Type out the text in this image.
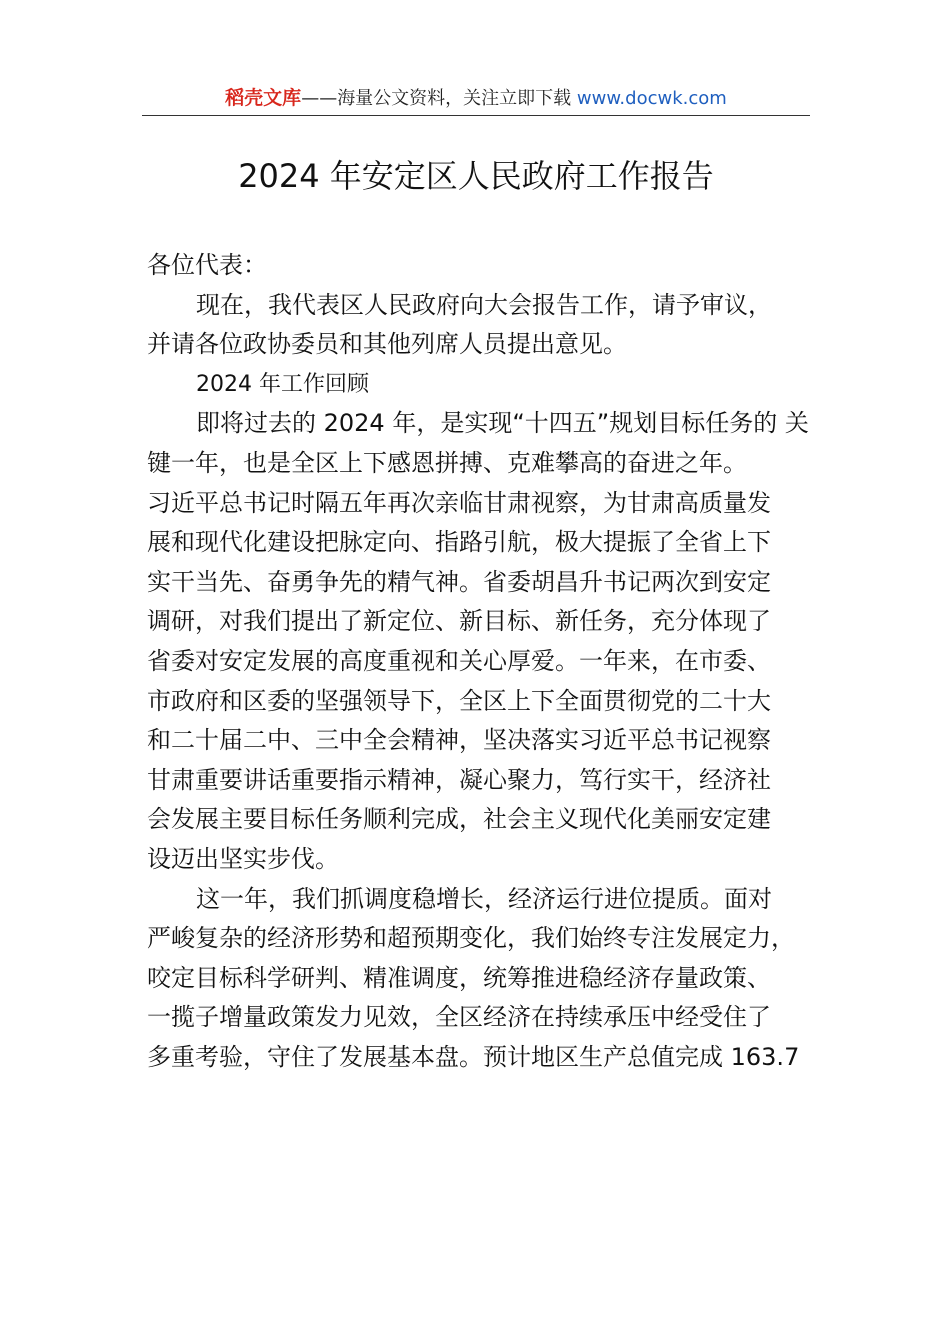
稻壳文库——海量公文资料，关注立即下载 www.docwk.com
2024 年安定区人民政府工作报告
各位代表：
现在，我代表区人民政府向大会报告工作，请予审议，
并请各位政协委员和其他列席人员提出意见。
2024 年工作回顾
即将过去的 2024 年，是实现“十四五”规划目标任务的 关
键一年，也是全区上下感恩拼搏、克难攀高的奋进之年。
习近平总书记时隔五年再次亲临甘肃视察，为甘肃高质量发
展和现代化建设把脉定向、指路引航，极大提振了全省上下
实干当先、奋勇争先的精气神。省委胡昌升书记两次到安定
调研，对我们提出了新定位、新目标、新任务，充分体现了
省委对安定发展的高度重视和关心厚爱。一年来，在市委、
市政府和区委的坚强领导下，全区上下全面贯彻党的二十大
和二十届二中、三中全会精神，坚决落实习近平总书记视察
甘肃重要讲话重要指示精神，凝心聚力，笃行实干，经济社
会发展主要目标任务顺利完成，社会主义现代化美丽安定建
设迈出坚实步伐。
这一年，我们抓调度稳增长，经济运行进位提质。面对
严峻复杂的经济形势和超预期变化，我们始终专注发展定力，
咬定目标科学研判、精准调度，统筹推进稳经济存量政策、
一揽子增量政策发力见效，全区经济在持续承压中经受住了
多重考验，守住了发展基本盘。预计地区生产总值完成 163.7
